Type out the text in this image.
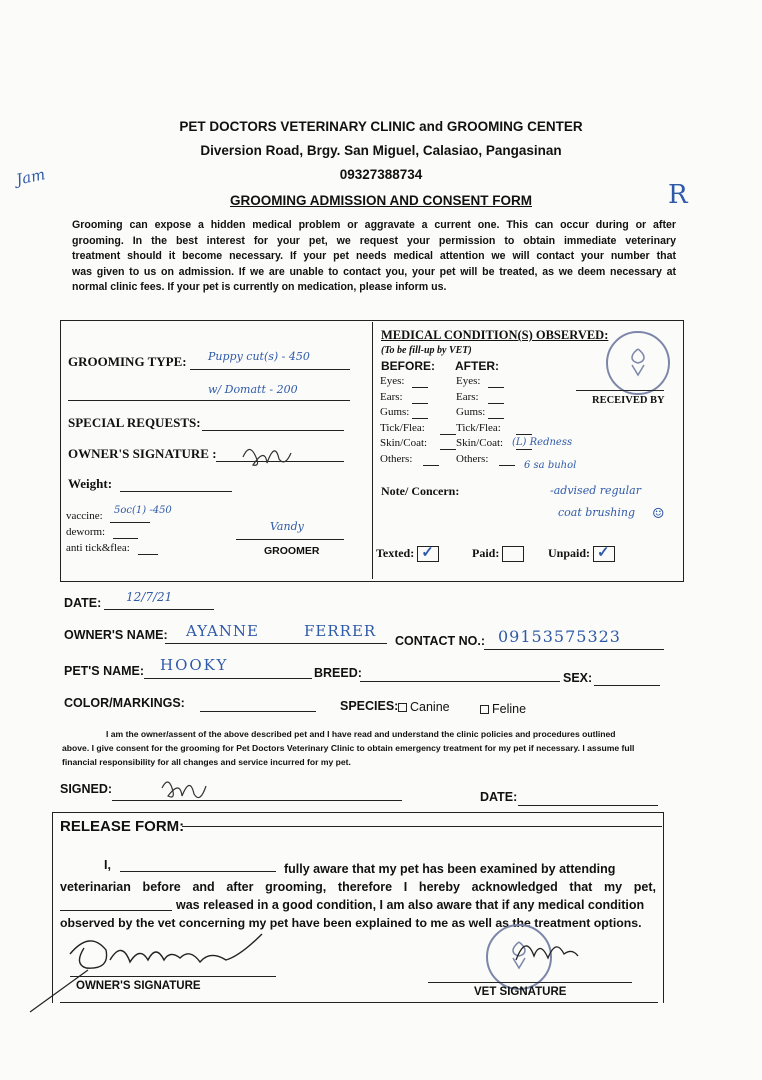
Jam
R
PET DOCTORS VETERINARY CLINIC and GROOMING CENTER
Diversion Road, Brgy. San Miguel, Calasiao, Pangasinan
09327388734
GROOMING ADMISSION AND CONSENT FORM
Grooming can expose a hidden medical problem or aggravate a current one. This can occur during or after
grooming. In the best interest for your pet, we request your permission to obtain immediate veterinary
treatment should it become necessary. If your pet needs medical attention we will contact your number that
was given to us on admission. If we are unable to contact you, your pet will be treated, as we deem necessary at
normal clinic fees. If your pet is currently on medication, please inform us.
GROOMING TYPE: Puppy cut(s) - 450
w/ Domatt - 200
SPECIAL REQUESTS:
OWNER'S SIGNATURE :
Weight:
vaccine: 5oc(1) -450
deworm:
anti tick&flea:
Vandy
GROOMER
MEDICAL CONDITION(S) OBSERVED:
(To be fill-up by VET)
BEFORE: AFTER:
Eyes:	Eyes:
Ears:	Ears:
Gums:	Gums:
Tick/Flea:	Tick/Flea:
Skin/Coat:	Skin/Coat:
Others:	Others:
(L) Redness
6 sa buhol
RECEIVED BY
Note/ Concern:	-advised regular
coat brushing ☺
Texted: ✓	Paid:	Unpaid: ✓
DATE: 12/7/21
OWNER'S NAME: AYANNE	FERRER
CONTACT NO.: 09153575323
PET'S NAME: HOOKY	BREED:	SEX:
COLOR/MARKINGS:	SPECIES: Canine	Feline
I am the owner/assent of the above described pet and I have read and understand the clinic policies and procedures outlined
above. I give consent for the grooming for Pet Doctors Veterinary Clinic to obtain emergency treatment for my pet if necessary. I assume full
financial responsibility for all changes and service incurred for my pet.
SIGNED:
DATE:
RELEASE FORM:
I,	fully aware that my pet has been examined by attending
veterinarian before and after grooming, therefore I hereby acknowledged that my pet,
was released in a good condition, I am also aware that if any medical condition
observed by the vet concerning my pet have been explained to me as well as the treatment options.
OWNER'S SIGNATURE	VET SIGNATURE
